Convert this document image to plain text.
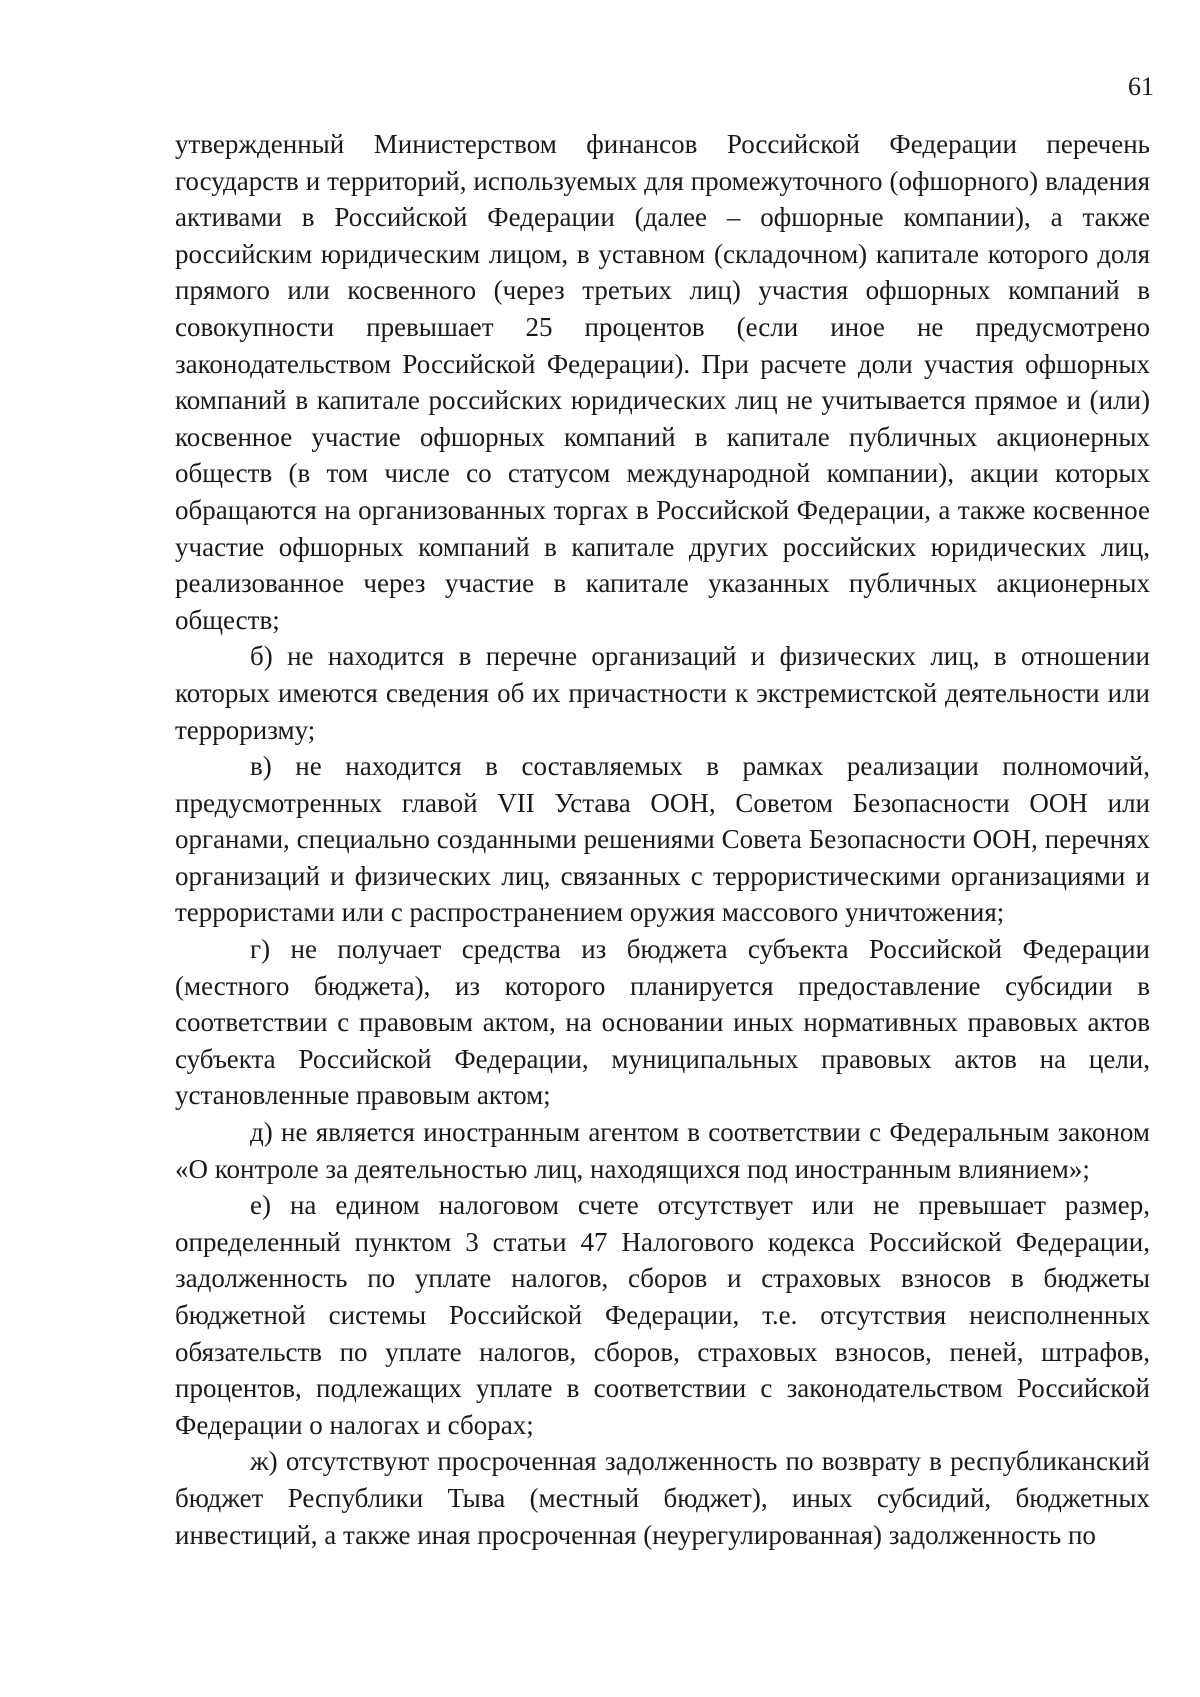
61

утвержденный Министерством финансов Российской Федерации перечень государств и территорий, используемых для промежуточного (офшорного) владения активами в Российской Федерации (далее – офшорные компании), а также российским юридическим лицом, в уставном (складочном) капитале которого доля прямого или косвенного (через третьих лиц) участия офшорных компаний в совокупности превышает 25 процентов (если иное не предусмотрено законодательством Российской Федерации). При расчете доли участия офшорных компаний в капитале российских юридических лиц не учитывается прямое и (или) косвенное участие офшорных компаний в капитале публичных акционерных обществ (в том числе со статусом международной компании), акции которых обращаются на организованных торгах в Российской Федерации, а также косвенное участие офшорных компаний в капитале других российских юридических лиц, реализованное через участие в капитале указанных публичных акционерных обществ;

б) не находится в перечне организаций и физических лиц, в отношении которых имеются сведения об их причастности к экстремистской деятельности или терроризму;

в) не находится в составляемых в рамках реализации полномочий, предусмотренных главой VII Устава ООН, Советом Безопасности ООН или органами, специально созданными решениями Совета Безопасности ООН, перечнях организаций и физических лиц, связанных с террористическими организациями и террористами или с распространением оружия массового уничтожения;

г) не получает средства из бюджета субъекта Российской Федерации (местного бюджета), из которого планируется предоставление субсидии в соответствии с правовым актом, на основании иных нормативных правовых актов субъекта Российской Федерации, муниципальных правовых актов на цели, установленные правовым актом;

д) не является иностранным агентом в соответствии с Федеральным законом «О контроле за деятельностью лиц, находящихся под иностранным влиянием»;

е) на едином налоговом счете отсутствует или не превышает размер, определенный пунктом 3 статьи 47 Налогового кодекса Российской Федерации, задолженность по уплате налогов, сборов и страховых взносов в бюджеты бюджетной системы Российской Федерации, т.е. отсутствия неисполненных обязательств по уплате налогов, сборов, страховых взносов, пеней, штрафов, процентов, подлежащих уплате в соответствии с законодательством Российской Федерации о налогах и сборах;

ж) отсутствуют просроченная задолженность по возврату в республиканский бюджет Республики Тыва (местный бюджет), иных субсидий, бюджетных инвестиций, а также иная просроченная (неурегулированная) задолженность по
